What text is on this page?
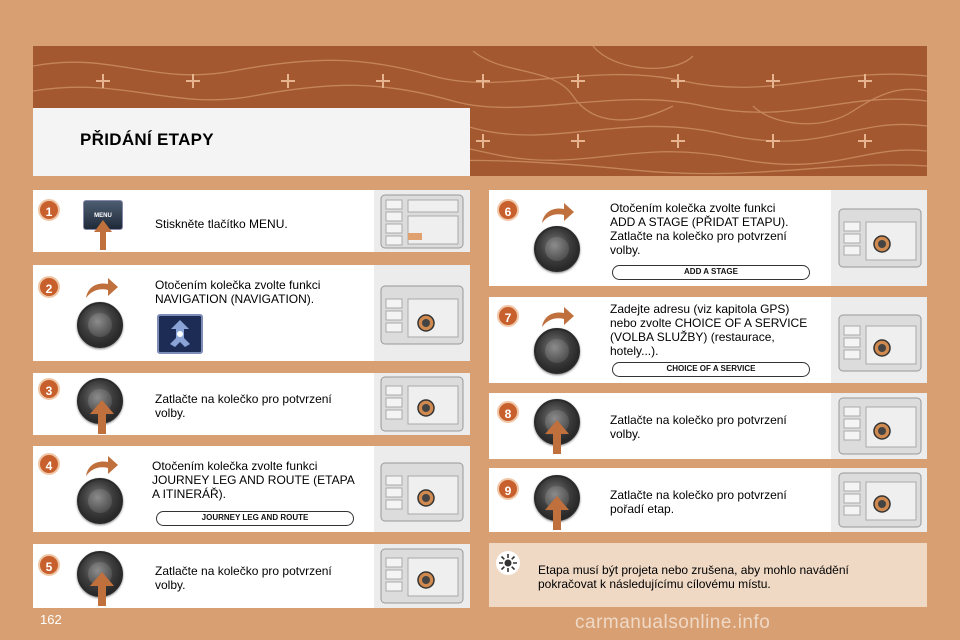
PŘIDÁNÍ ETAPY
1	MENU
Stiskněte tlačítko MENU.
2	Otočením kolečka zvolte funkci
NAVIGATION (NAVIGATION).
3
Zatlačte na kolečko pro potvrzení
volby.
4	Otočením kolečka zvolte funkci
JOURNEY LEG AND ROUTE (ETAPA
A ITINERÁŘ).
JOURNEY LEG AND ROUTE
5	Zatlačte na kolečko pro potvrzení
volby.
6	Otočením kolečka zvolte funkci
ADD A STAGE (PŘIDAT ETAPU).
Zatlačte na kolečko pro potvrzení
volby.
ADD A STAGE
7
Zadejte adresu (viz kapitola GPS)
nebo zvolte CHOICE OF A SERVICE
(VOLBA SLUŽBY) (restaurace,
hotely...).
CHOICE OF A SERVICE
8	Zatlačte na kolečko pro potvrzení
volby.
9	Zatlačte na kolečko pro potvrzení
pořadí etap.
Etapa musí být projeta nebo zrušena, aby mohlo navádění
pokračovat k následujícímu cílovému místu.
162	carmanualsonline.info
